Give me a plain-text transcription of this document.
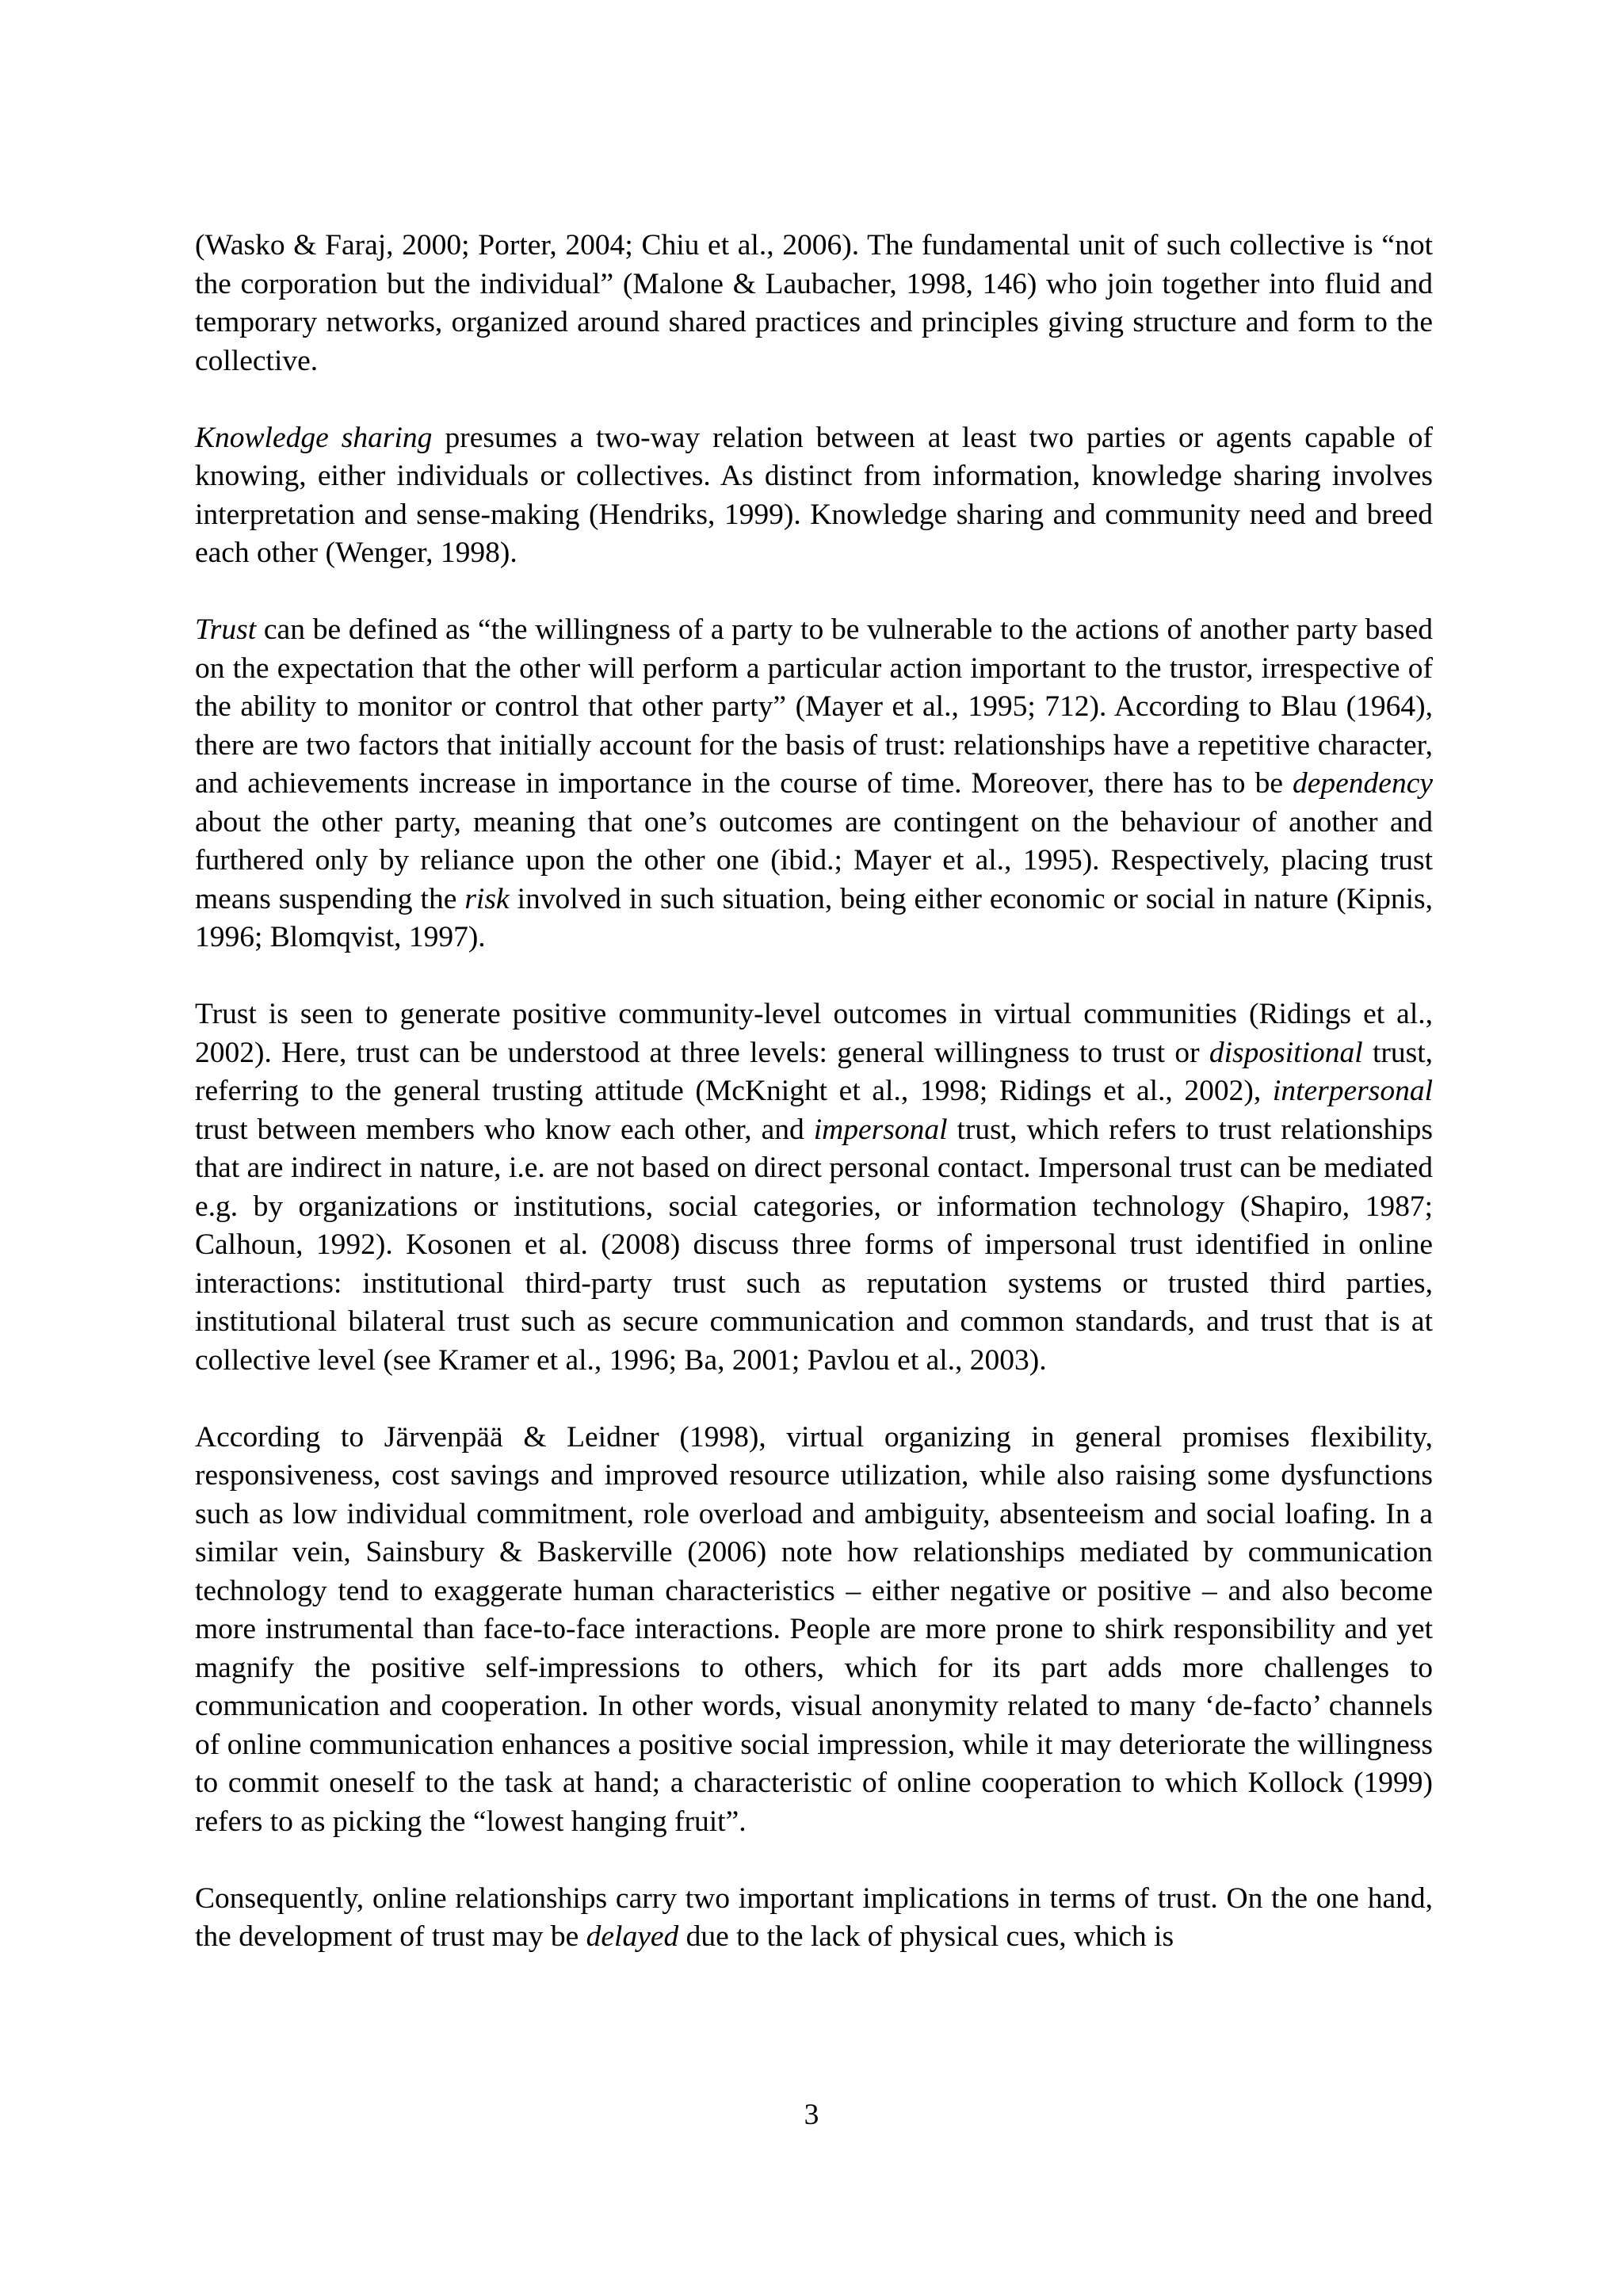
(Wasko & Faraj, 2000; Porter, 2004; Chiu et al., 2006). The fundamental unit of such collective is “not the corporation but the individual” (Malone & Laubacher, 1998, 146) who join together into fluid and temporary networks, organized around shared practices and principles giving structure and form to the collective.

Knowledge sharing presumes a two-way relation between at least two parties or agents capable of knowing, either individuals or collectives. As distinct from information, knowledge sharing involves interpretation and sense-making (Hendriks, 1999). Knowledge sharing and community need and breed each other (Wenger, 1998).

Trust can be defined as “the willingness of a party to be vulnerable to the actions of another party based on the expectation that the other will perform a particular action important to the trustor, irrespective of the ability to monitor or control that other party” (Mayer et al., 1995; 712). According to Blau (1964), there are two factors that initially account for the basis of trust: relationships have a repetitive character, and achievements increase in importance in the course of time. Moreover, there has to be dependency about the other party, meaning that one’s outcomes are contingent on the behaviour of another and furthered only by reliance upon the other one (ibid.; Mayer et al., 1995). Respectively, placing trust means suspending the risk involved in such situation, being either economic or social in nature (Kipnis, 1996; Blomqvist, 1997).

Trust is seen to generate positive community-level outcomes in virtual communities (Ridings et al., 2002). Here, trust can be understood at three levels: general willingness to trust or dispositional trust, referring to the general trusting attitude (McKnight et al., 1998; Ridings et al., 2002), interpersonal trust between members who know each other, and impersonal trust, which refers to trust relationships that are indirect in nature, i.e. are not based on direct personal contact. Impersonal trust can be mediated e.g. by organizations or institutions, social categories, or information technology (Shapiro, 1987; Calhoun, 1992). Kosonen et al. (2008) discuss three forms of impersonal trust identified in online interactions: institutional third-party trust such as reputation systems or trusted third parties, institutional bilateral trust such as secure communication and common standards, and trust that is at collective level (see Kramer et al., 1996; Ba, 2001; Pavlou et al., 2003).

According to Järvenpää & Leidner (1998), virtual organizing in general promises flexibility, responsiveness, cost savings and improved resource utilization, while also raising some dysfunctions such as low individual commitment, role overload and ambiguity, absenteeism and social loafing. In a similar vein, Sainsbury & Baskerville (2006) note how relationships mediated by communication technology tend to exaggerate human characteristics – either negative or positive – and also become more instrumental than face-to-face interactions. People are more prone to shirk responsibility and yet magnify the positive self-impressions to others, which for its part adds more challenges to communication and cooperation. In other words, visual anonymity related to many ‘de-facto’ channels of online communication enhances a positive social impression, while it may deteriorate the willingness to commit oneself to the task at hand; a characteristic of online cooperation to which Kollock (1999) refers to as picking the “lowest hanging fruit”.

Consequently, online relationships carry two important implications in terms of trust. On the one hand, the development of trust may be delayed due to the lack of physical cues, which is

3
